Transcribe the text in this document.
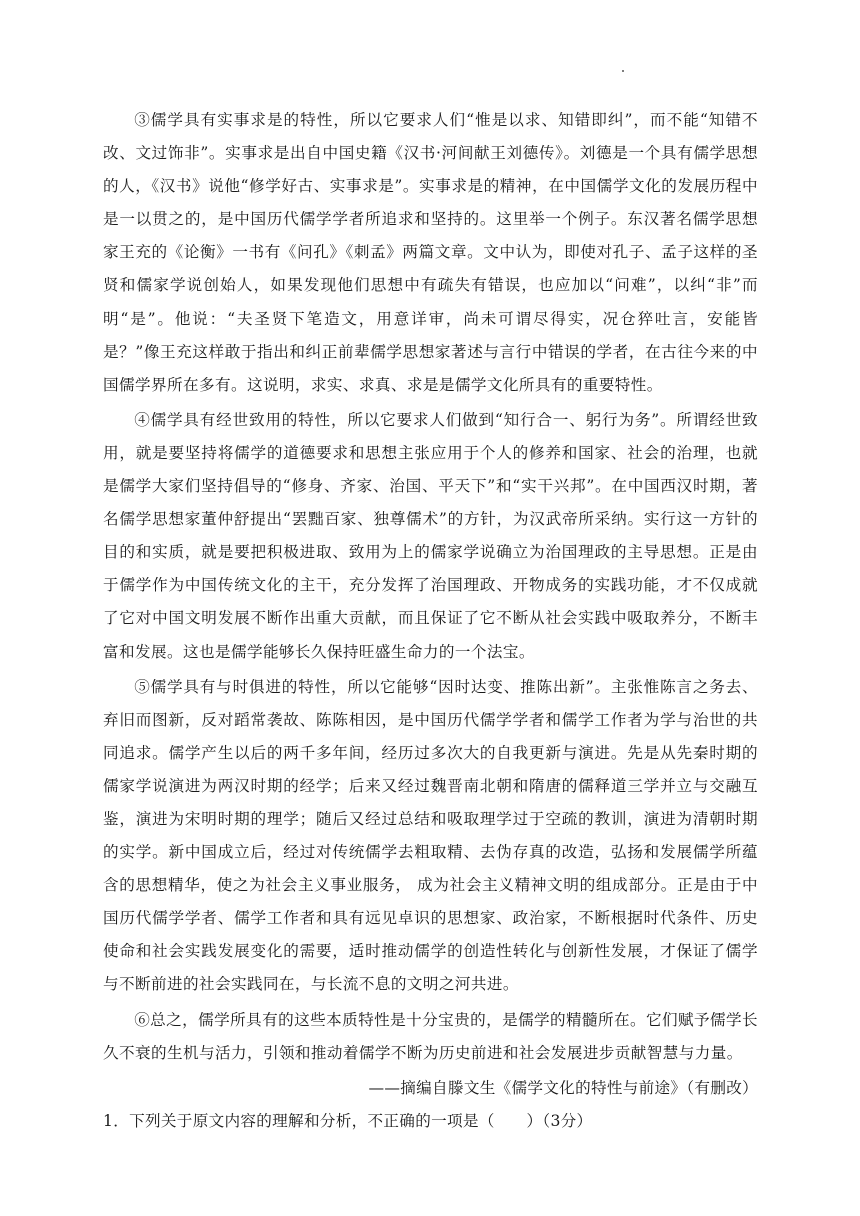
③儒学具有实事求是的特性，所以它要求人们“惟是以求、知错即纠”，而不能“知错不改、文过饰非”。实事求是出自中国史籍《汉书·河间献王刘德传》。刘德是一个具有儒学思想的人，《汉书》说他“修学好古、实事求是”。实事求是的精神，在中国儒学文化的发展历程中是一以贯之的，是中国历代儒学学者所追求和坚持的。这里举一个例子。东汉著名儒学思想家王充的《论衡》一书有《问孔》《刺孟》两篇文章。文中认为，即使对孔子、孟子这样的圣贤和儒家学说创始人，如果发现他们思想中有疏失有错误，也应加以“问难”，以纠“非”而明“是”。他说：“夫圣贤下笔造文，用意详审，尚未可谓尽得实，况仓猝吐言，安能皆是？”像王充这样敢于指出和纠正前辈儒学思想家著述与言行中错误的学者，在古往今来的中国儒学界所在多有。这说明，求实、求真、求是是儒学文化所具有的重要特性。

④儒学具有经世致用的特性，所以它要求人们做到“知行合一、躬行为务”。所谓经世致用，就是要坚持将儒学的道德要求和思想主张应用于个人的修养和国家、社会的治理，也就是儒学大家们坚持倡导的“修身、齐家、治国、平天下”和“实干兴邦”。在中国西汉时期，著名儒学思想家董仲舒提出“罢黜百家、独尊儒术”的方针，为汉武帝所采纳。实行这一方针的目的和实质，就是要把积极进取、致用为上的儒家学说确立为治国理政的主导思想。正是由于儒学作为中国传统文化的主干，充分发挥了治国理政、开物成务的实践功能，才不仅成就了它对中国文明发展不断作出重大贡献，而且保证了它不断从社会实践中吸取养分，不断丰富和发展。这也是儒学能够长久保持旺盛生命力的一个法宝。

⑤儒学具有与时俱进的特性，所以它能够“因时达变、推陈出新”。主张惟陈言之务去、弃旧而图新，反对蹈常袭故、陈陈相因，是中国历代儒学学者和儒学工作者为学与治世的共同追求。儒学产生以后的两千多年间，经历过多次大的自我更新与演进。先是从先秦时期的儒家学说演进为两汉时期的经学；后来又经过魏晋南北朝和隋唐的儒释道三学并立与交融互鉴，演进为宋明时期的理学；随后又经过总结和吸取理学过于空疏的教训，演进为清朝时期的实学。新中国成立后，经过对传统儒学去粗取精、去伪存真的改造，弘扬和发展儒学所蕴含的思想精华，使之为社会主义事业服务， 成为社会主义精神文明的组成部分。正是由于中国历代儒学学者、儒学工作者和具有远见卓识的思想家、政治家，不断根据时代条件、历史使命和社会实践发展变化的需要，适时推动儒学的创造性转化与创新性发展，才保证了儒学与不断前进的社会实践同在，与长流不息的文明之河共进。

⑥总之，儒学所具有的这些本质特性是十分宝贵的，是儒学的精髓所在。它们赋予儒学长久不衰的生机与活力，引领和推动着儒学不断为历史前进和社会发展进步贡献智慧与力量。

——摘编自滕文生《儒学文化的特性与前途》（有删改）

1．下列关于原文内容的理解和分析，不正确的一项是（　　）（3分）
